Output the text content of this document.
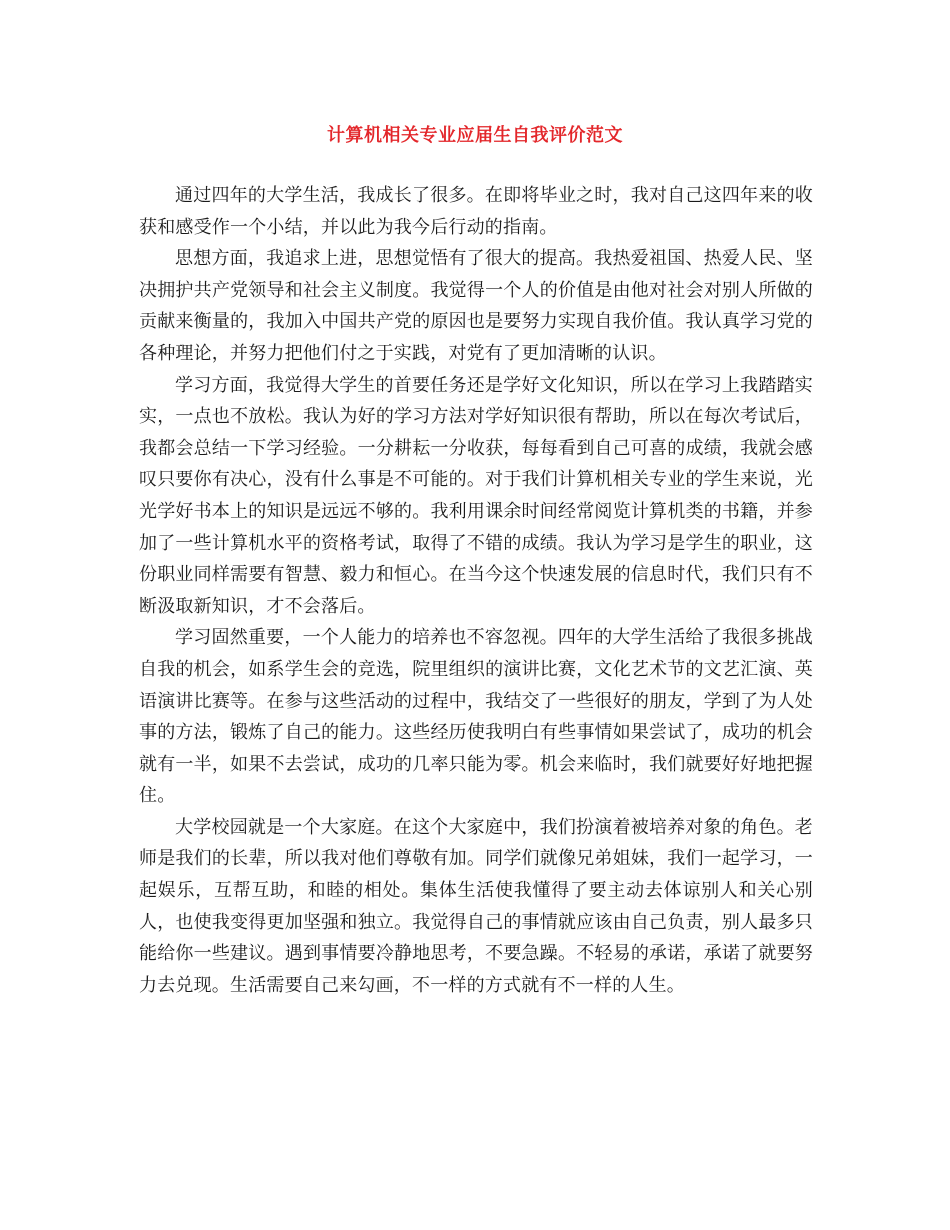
计算机相关专业应届生自我评价范文

通过四年的大学生活，我成长了很多。在即将毕业之时，我对自己这四年来的收获和感受作一个小结，并以此为我今后行动的指南。

思想方面，我追求上进，思想觉悟有了很大的提高。我热爱祖国、热爱人民、坚决拥护共产党领导和社会主义制度。我觉得一个人的价值是由他对社会对别人所做的贡献来衡量的，我加入中国共产党的原因也是要努力实现自我价值。我认真学习党的各种理论，并努力把他们付之于实践，对党有了更加清晰的认识。

学习方面，我觉得大学生的首要任务还是学好文化知识，所以在学习上我踏踏实实，一点也不放松。我认为好的学习方法对学好知识很有帮助，所以在每次考试后，我都会总结一下学习经验。一分耕耘一分收获，每每看到自己可喜的成绩，我就会感叹只要你有决心，没有什么事是不可能的。对于我们计算机相关专业的学生来说，光光学好书本上的知识是远远不够的。我利用课余时间经常阅览计算机类的书籍，并参加了一些计算机水平的资格考试，取得了不错的成绩。我认为学习是学生的职业，这份职业同样需要有智慧、毅力和恒心。在当今这个快速发展的信息时代，我们只有不断汲取新知识，才不会落后。

学习固然重要，一个人能力的培养也不容忽视。四年的大学生活给了我很多挑战自我的机会，如系学生会的竞选，院里组织的演讲比赛，文化艺术节的文艺汇演、英语演讲比赛等。在参与这些活动的过程中，我结交了一些很好的朋友，学到了为人处事的方法，锻炼了自己的能力。这些经历使我明白有些事情如果尝试了，成功的机会就有一半，如果不去尝试，成功的几率只能为零。机会来临时，我们就要好好地把握住。

大学校园就是一个大家庭。在这个大家庭中，我们扮演着被培养对象的角色。老师是我们的长辈，所以我对他们尊敬有加。同学们就像兄弟姐妹，我们一起学习，一起娱乐，互帮互助，和睦的相处。集体生活使我懂得了要主动去体谅别人和关心别人，也使我变得更加坚强和独立。我觉得自己的事情就应该由自己负责，别人最多只能给你一些建议。遇到事情要冷静地思考，不要急躁。不轻易的承诺，承诺了就要努力去兑现。生活需要自己来勾画，不一样的方式就有不一样的人生。
